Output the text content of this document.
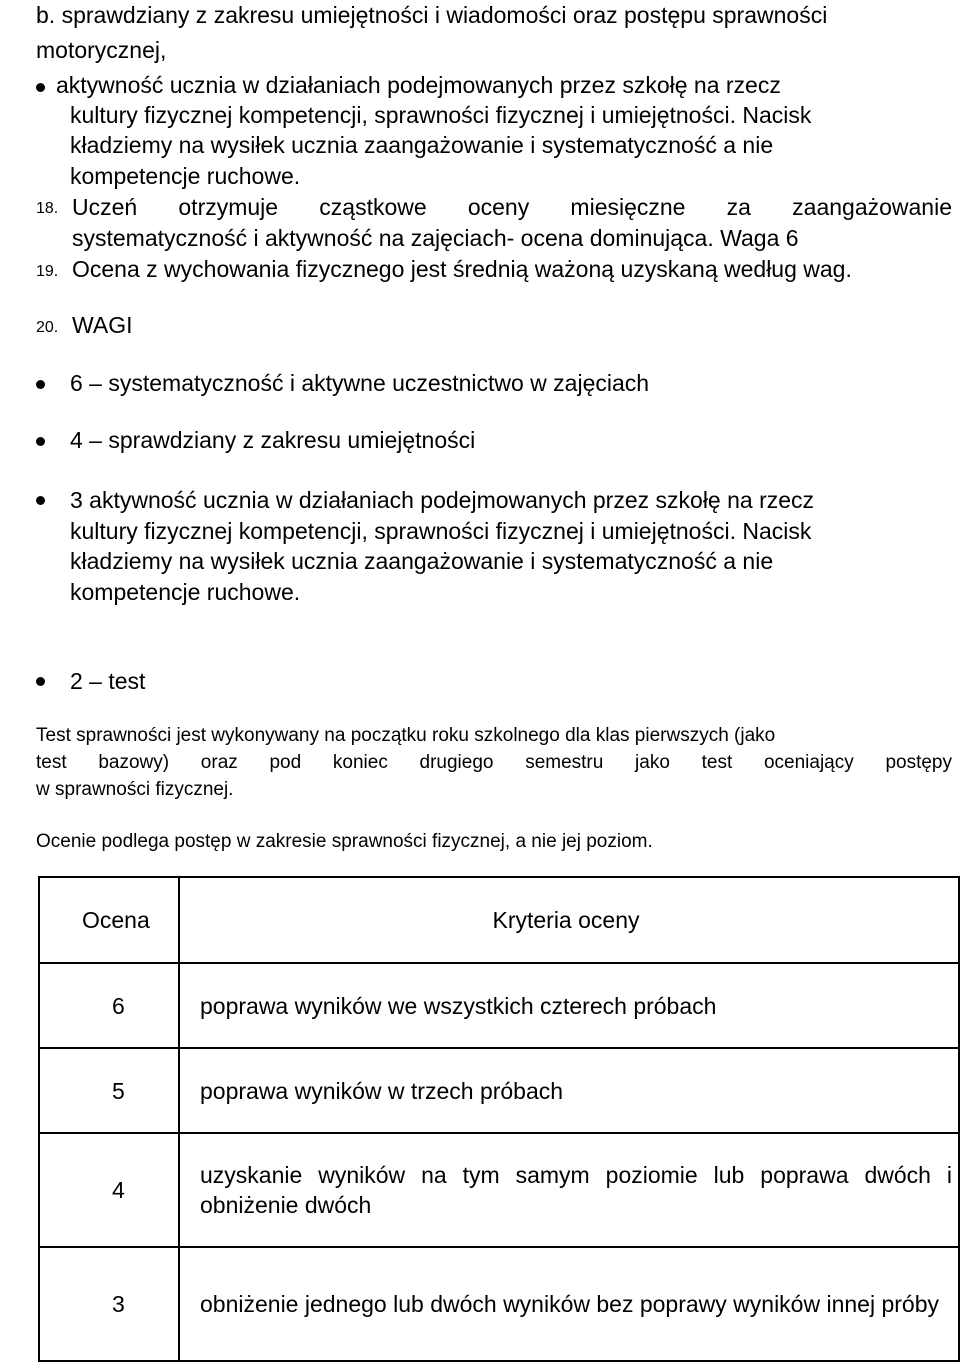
b. sprawdziany z zakresu umiejętności i wiadomości oraz postępu sprawności
motorycznej,
aktywność ucznia w działaniach podejmowanych przez szkołę na rzecz
kultury fizycznej kompetencji, sprawności fizycznej i umiejętności. Nacisk
kładziemy na wysiłek ucznia zaangażowanie i systematyczność a nie
kompetencje ruchowe.
18. Uczeń otrzymuje cząstkowe oceny miesięczne za zaangażowanie
systematyczność i aktywność na zajęciach- ocena dominująca. Waga 6
19. Ocena z wychowania fizycznego jest średnią ważoną uzyskaną według wag.
20. WAGI
6 – systematyczność i aktywne uczestnictwo w zajęciach
4 – sprawdziany z zakresu umiejętności
3 aktywność ucznia w działaniach podejmowanych przez szkołę na rzecz
kultury fizycznej kompetencji, sprawności fizycznej i umiejętności. Nacisk
kładziemy na wysiłek ucznia zaangażowanie i systematyczność a nie
kompetencje ruchowe.
2 – test
Test sprawności jest wykonywany na początku roku szkolnego dla klas pierwszych (jako
test bazowy) oraz pod koniec drugiego semestru jako test oceniający postępy
w sprawności fizycznej.
Ocenie podlega postęp w zakresie sprawności fizycznej, a nie jej poziom.
Ocena	Kryteria oceny
6	poprawa wyników we wszystkich czterech próbach
5	poprawa wyników w trzech próbach
4	uzyskanie wyników na tym samym poziomie lub poprawa dwóch i obniżenie dwóch
3	obniżenie jednego lub dwóch wyników bez poprawy wyników innej próby
